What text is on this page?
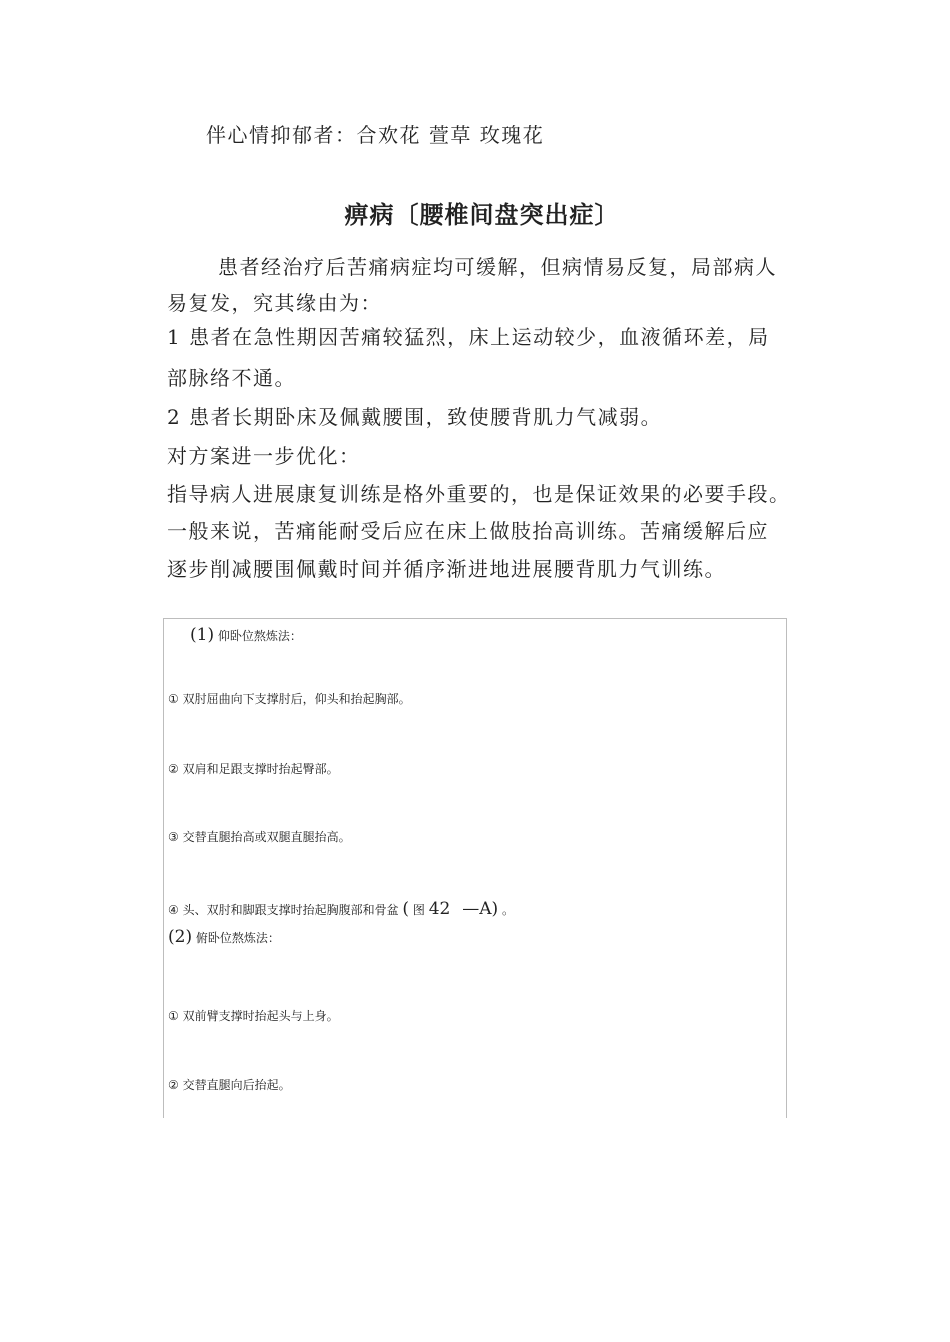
伴心情抑郁者：合欢花 萱草 玫瑰花
痹病〔腰椎间盘突出症〕
患者经治疗后苦痛病症均可缓解，但病情易反复，局部病人
易复发，究其缘由为：
1 患者在急性期因苦痛较猛烈，床上运动较少，血液循环差，局
部脉络不通。
2 患者长期卧床及佩戴腰围，致使腰背肌力气减弱。
对方案进一步优化：
指导病人进展康复训练是格外重要的，也是保证效果的必要手段。
一般来说，苦痛能耐受后应在床上做肢抬高训练。苦痛缓解后应
逐步削减腰围佩戴时间并循序渐进地进展腰背肌力气训练。
(1) 仰卧位熬炼法：
① 双肘屈曲向下支撑肘后，仰头和抬起胸部。
② 双肩和足跟支撑时抬起臀部。
③ 交替直腿抬高或双腿直腿抬高。
④ 头、双肘和脚跟支撑时抬起胸腹部和骨盆 ( 图 42 —A) 。
(2) 俯卧位熬炼法：
① 双前臂支撑时抬起头与上身。
② 交替直腿向后抬起。
